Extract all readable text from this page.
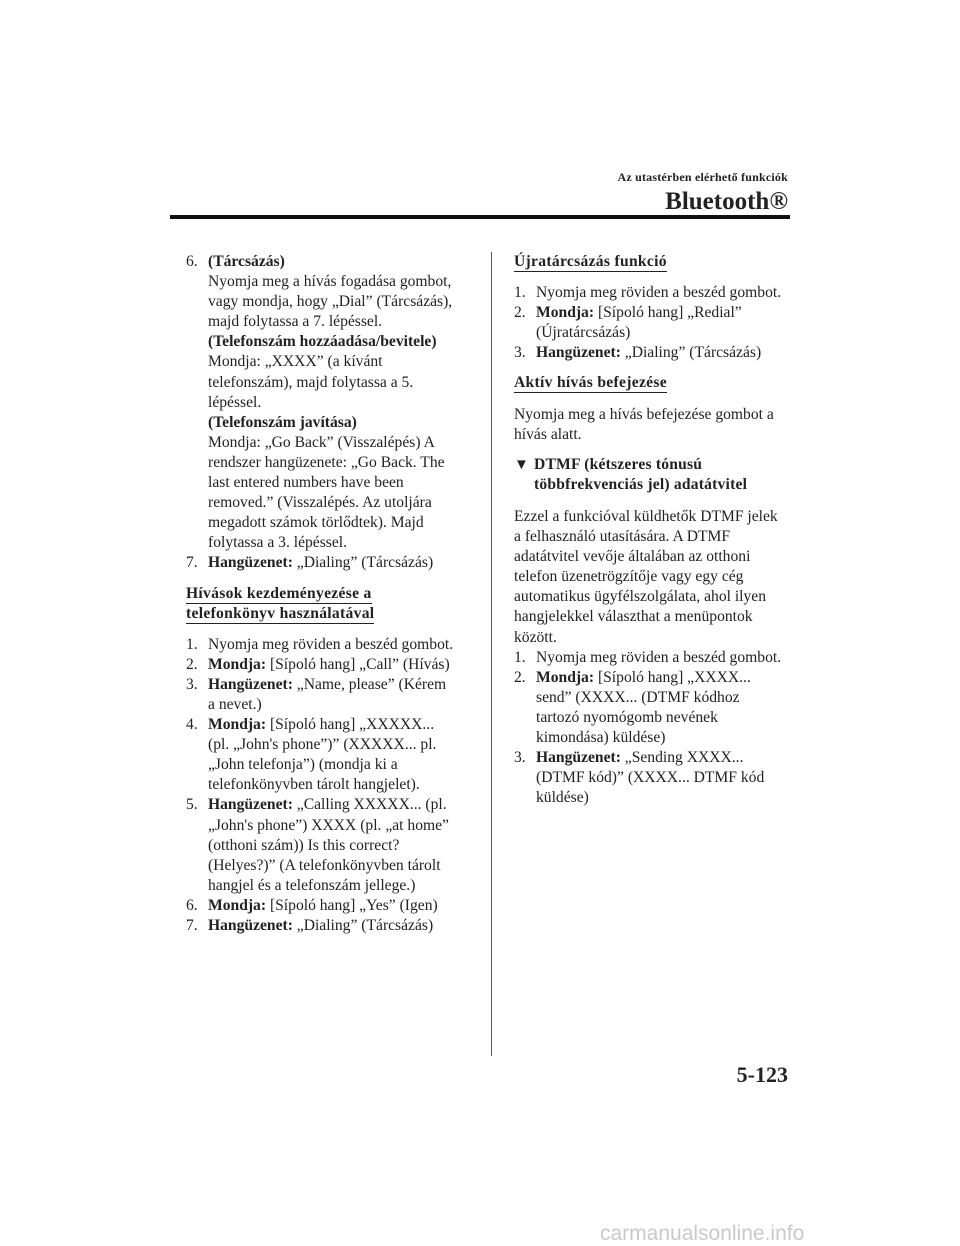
Az utastérben elérhető funkciók
Bluetooth®
6. (Tárcsázás)
Nyomja meg a hívás fogadása gombot,
vagy mondja, hogy „Dial” (Tárcsázás),
majd folytassa a 7. lépéssel.
(Telefonszám hozzáadása/bevitele)
Mondja: „XXXX” (a kívánt
telefonszám), majd folytassa a 5.
lépéssel.
(Telefonszám javítása)
Mondja: „Go Back” (Visszalépés) A
rendszer hangüzenete: „Go Back. The
last entered numbers have been
removed.” (Visszalépés. Az utoljára
megadott számok törlődtek). Majd
folytassa a 3. lépéssel.
7. Hangüzenet: „Dialing” (Tárcsázás)
Hívások kezdeményezése a
telefonkönyv használatával
1. Nyomja meg röviden a beszéd gombot.
2. Mondja: [Sípoló hang] „Call” (Hívás)
3. Hangüzenet: „Name, please” (Kérem
a nevet.)
4. Mondja: [Sípoló hang] „XXXXX...
(pl. „John's phone”)” (XXXXX... pl.
„John telefonja”) (mondja ki a
telefonkönyvben tárolt hangjelet).
5. Hangüzenet: „Calling XXXXX... (pl.
„John's phone”) XXXX (pl. „at home”
(otthoni szám)) Is this correct?
(Helyes?)” (A telefonkönyvben tárolt
hangjel és a telefonszám jellege.)
6. Mondja: [Sípoló hang] „Yes” (Igen)
7. Hangüzenet: „Dialing” (Tárcsázás)
Újratárcsázás funkció
1. Nyomja meg röviden a beszéd gombot.
2. Mondja: [Sípoló hang] „Redial”
(Újratárcsázás)
3. Hangüzenet: „Dialing” (Tárcsázás)
Aktív hívás befejezése
Nyomja meg a hívás befejezése gombot a
hívás alatt.
▼ DTMF (kétszeres tónusú
többfrekvenciás jel) adatátvitel
Ezzel a funkcióval küldhetők DTMF jelek
a felhasználó utasítására. A DTMF
adatátvitel vevője általában az otthoni
telefon üzenetrögzítője vagy egy cég
automatikus ügyfélszolgálata, ahol ilyen
hangjelekkel választhat a menüpontok
között.
1. Nyomja meg röviden a beszéd gombot.
2. Mondja: [Sípoló hang] „XXXX...
send” (XXXX... (DTMF kódhoz
tartozó nyomógomb nevének
kimondása) küldése)
3. Hangüzenet: „Sending XXXX...
(DTMF kód)” (XXXX... DTMF kód
küldése)
5-123
carmanualsonline.info
